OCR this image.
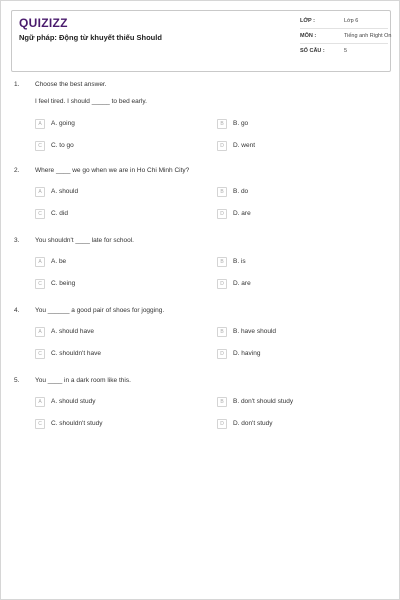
QUIZIZZ
Ngữ pháp: Động từ khuyết thiếu Should
LỚP :	Lớp 6
MÔN :	Tiếng anh Right On
SỐ CÂU :	5
1. Choose the best answer.
I feel tired. I should _____ to bed early.
A	A. going	B	B. go
C	C. to go	D	D. went
2. Where ____ we go when we are in Ho Chi Minh City?
A	A. should	B	B. do
C	C. did	D	D. are
3. You shouldn't ____ late for school.
A	A. be	B	B. is
C	C. being	D	D. are
4. You ______ a good pair of shoes for jogging.
A	A. should have	B	B. have should
C	C. shouldn't have	D	D. having
5. You ____ in a dark room like this.
A	A. should study	B	B. don't should study
C	C. shouldn't study	D	D. don't study
